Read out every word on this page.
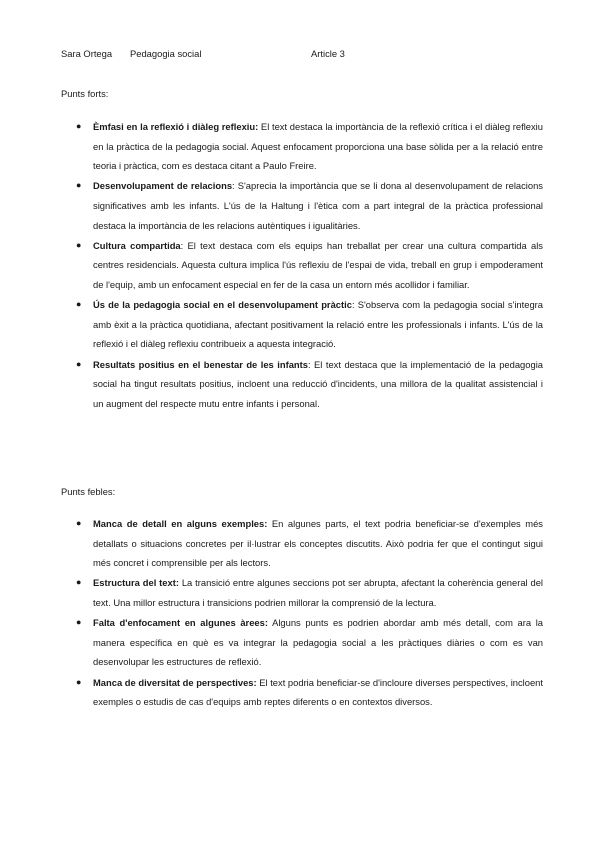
Sara Ortega Pedagogia social	Article 3
Punts forts:
● Èmfasi en la reflexió i diàleg reflexiu: El text destaca la importància de la reflexió crítica i el diàleg reflexiu en la pràctica de la pedagogia social. Aquest enfocament proporciona una base sòlida per a la relació entre teoria i pràctica, com es destaca citant a Paulo Freire.
● Desenvolupament de relacions: S'aprecia la importància que se li dona al desenvolupament de relacions significatives amb les infants. L'ús de la Haltung i l'ètica com a part integral de la pràctica professional destaca la importància de les relacions autèntiques i igualitàries.
● Cultura compartida: El text destaca com els equips han treballat per crear una cultura compartida als centres residencials. Aquesta cultura implica l'ús reflexiu de l'espai de vida, treball en grup i empoderament de l'equip, amb un enfocament especial en fer de la casa un entorn més acollidor i familiar.
● Ús de la pedagogia social en el desenvolupament pràctic: S'observa com la pedagogia social s'integra amb èxit a la pràctica quotidiana, afectant positivament la relació entre les professionals i infants. L'ús de la reflexió i el diàleg reflexiu contribueix a aquesta integració.
● Resultats positius en el benestar de les infants: El text destaca que la implementació de la pedagogia social ha tingut resultats positius, incloent una reducció d'incidents, una millora de la qualitat assistencial i un augment del respecte mutu entre infants i personal.
Punts febles:
● Manca de detall en alguns exemples: En algunes parts, el text podria beneficiar-se d'exemples més detallats o situacions concretes per il·lustrar els conceptes discutits. Això podria fer que el contingut sigui més concret i comprensible per als lectors.
● Estructura del text: La transició entre algunes seccions pot ser abrupta, afectant la coherència general del text. Una millor estructura i transicions podrien millorar la comprensió de la lectura.
● Falta d'enfocament en algunes àrees: Alguns punts es podrien abordar amb més detall, com ara la manera específica en què es va integrar la pedagogia social a les pràctiques diàries o com es van desenvolupar les estructures de reflexió.
● Manca de diversitat de perspectives: El text podria beneficiar-se d'incloure diverses perspectives, incloent exemples o estudis de cas d'equips amb reptes diferents o en contextos diversos.
